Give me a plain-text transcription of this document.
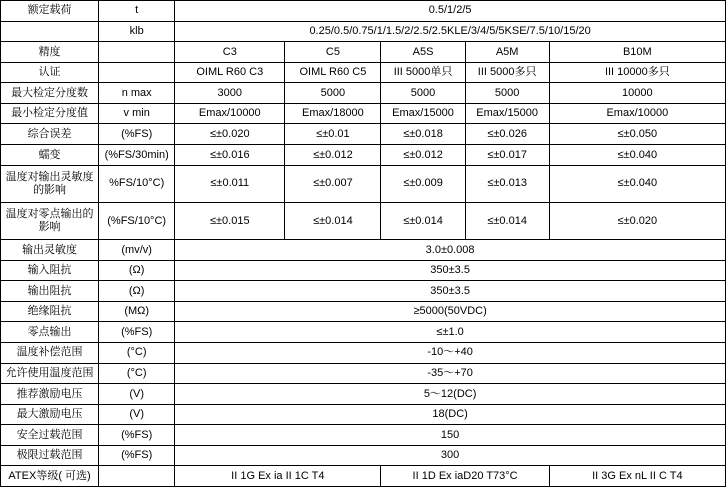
额定载荷	t	0.5/1/2/5				
	klb	0.25/0.5/0.75/1/1.5/2/2.5/2.5KLE/3/4/5/5KSE/7.5/10/15/20				
精度		C3	C5	A5S	A5M	B10M
认证		OIML R60 C3	OIML R60 C5	III 5000单只	III 5000多只	III 10000多只
最大检定分度数	n max	3000	5000	5000	5000	10000
最小检定分度值	v min	Emax/10000	Emax/18000	Emax/15000	Emax/15000	Emax/10000
综合误差	(%FS)	≤±0.020	≤±0.01	≤±0.018	≤±0.026	≤±0.050
蠕变	(%FS/30min)	≤±0.016	≤±0.012	≤±0.012	≤±0.017	≤±0.040
温度对输出灵敏度的影响	%FS/10°C)	≤±0.011	≤±0.007	≤±0.009	≤±0.013	≤±0.040
温度对零点输出的影响	(%FS/10°C)	≤±0.015	≤±0.014	≤±0.014	≤±0.014	≤±0.020
输出灵敏度	(mv/v)	3.0±0.008				
输入阻抗	(Ω)	350±3.5				
输出阻抗	(Ω)	350±3.5				
绝缘阻抗	(MΩ)	≥5000(50VDC)				
零点输出	(%FS)	≤±1.0				
温度补偿范围	(°C)	-10～+40				
允许使用温度范围	(°C)	-35～+70				
推荐激励电压	(V)	5～12(DC)				
最大激励电压	(V)	18(DC)				
安全过载范围	(%FS)	150				
极限过载范围	(%FS)	300				
ATEX等级( 可选)		II 1G Ex ia II 1C T4		II 1D Ex iaD20 T73°C		II 3G Ex nL II C T4
